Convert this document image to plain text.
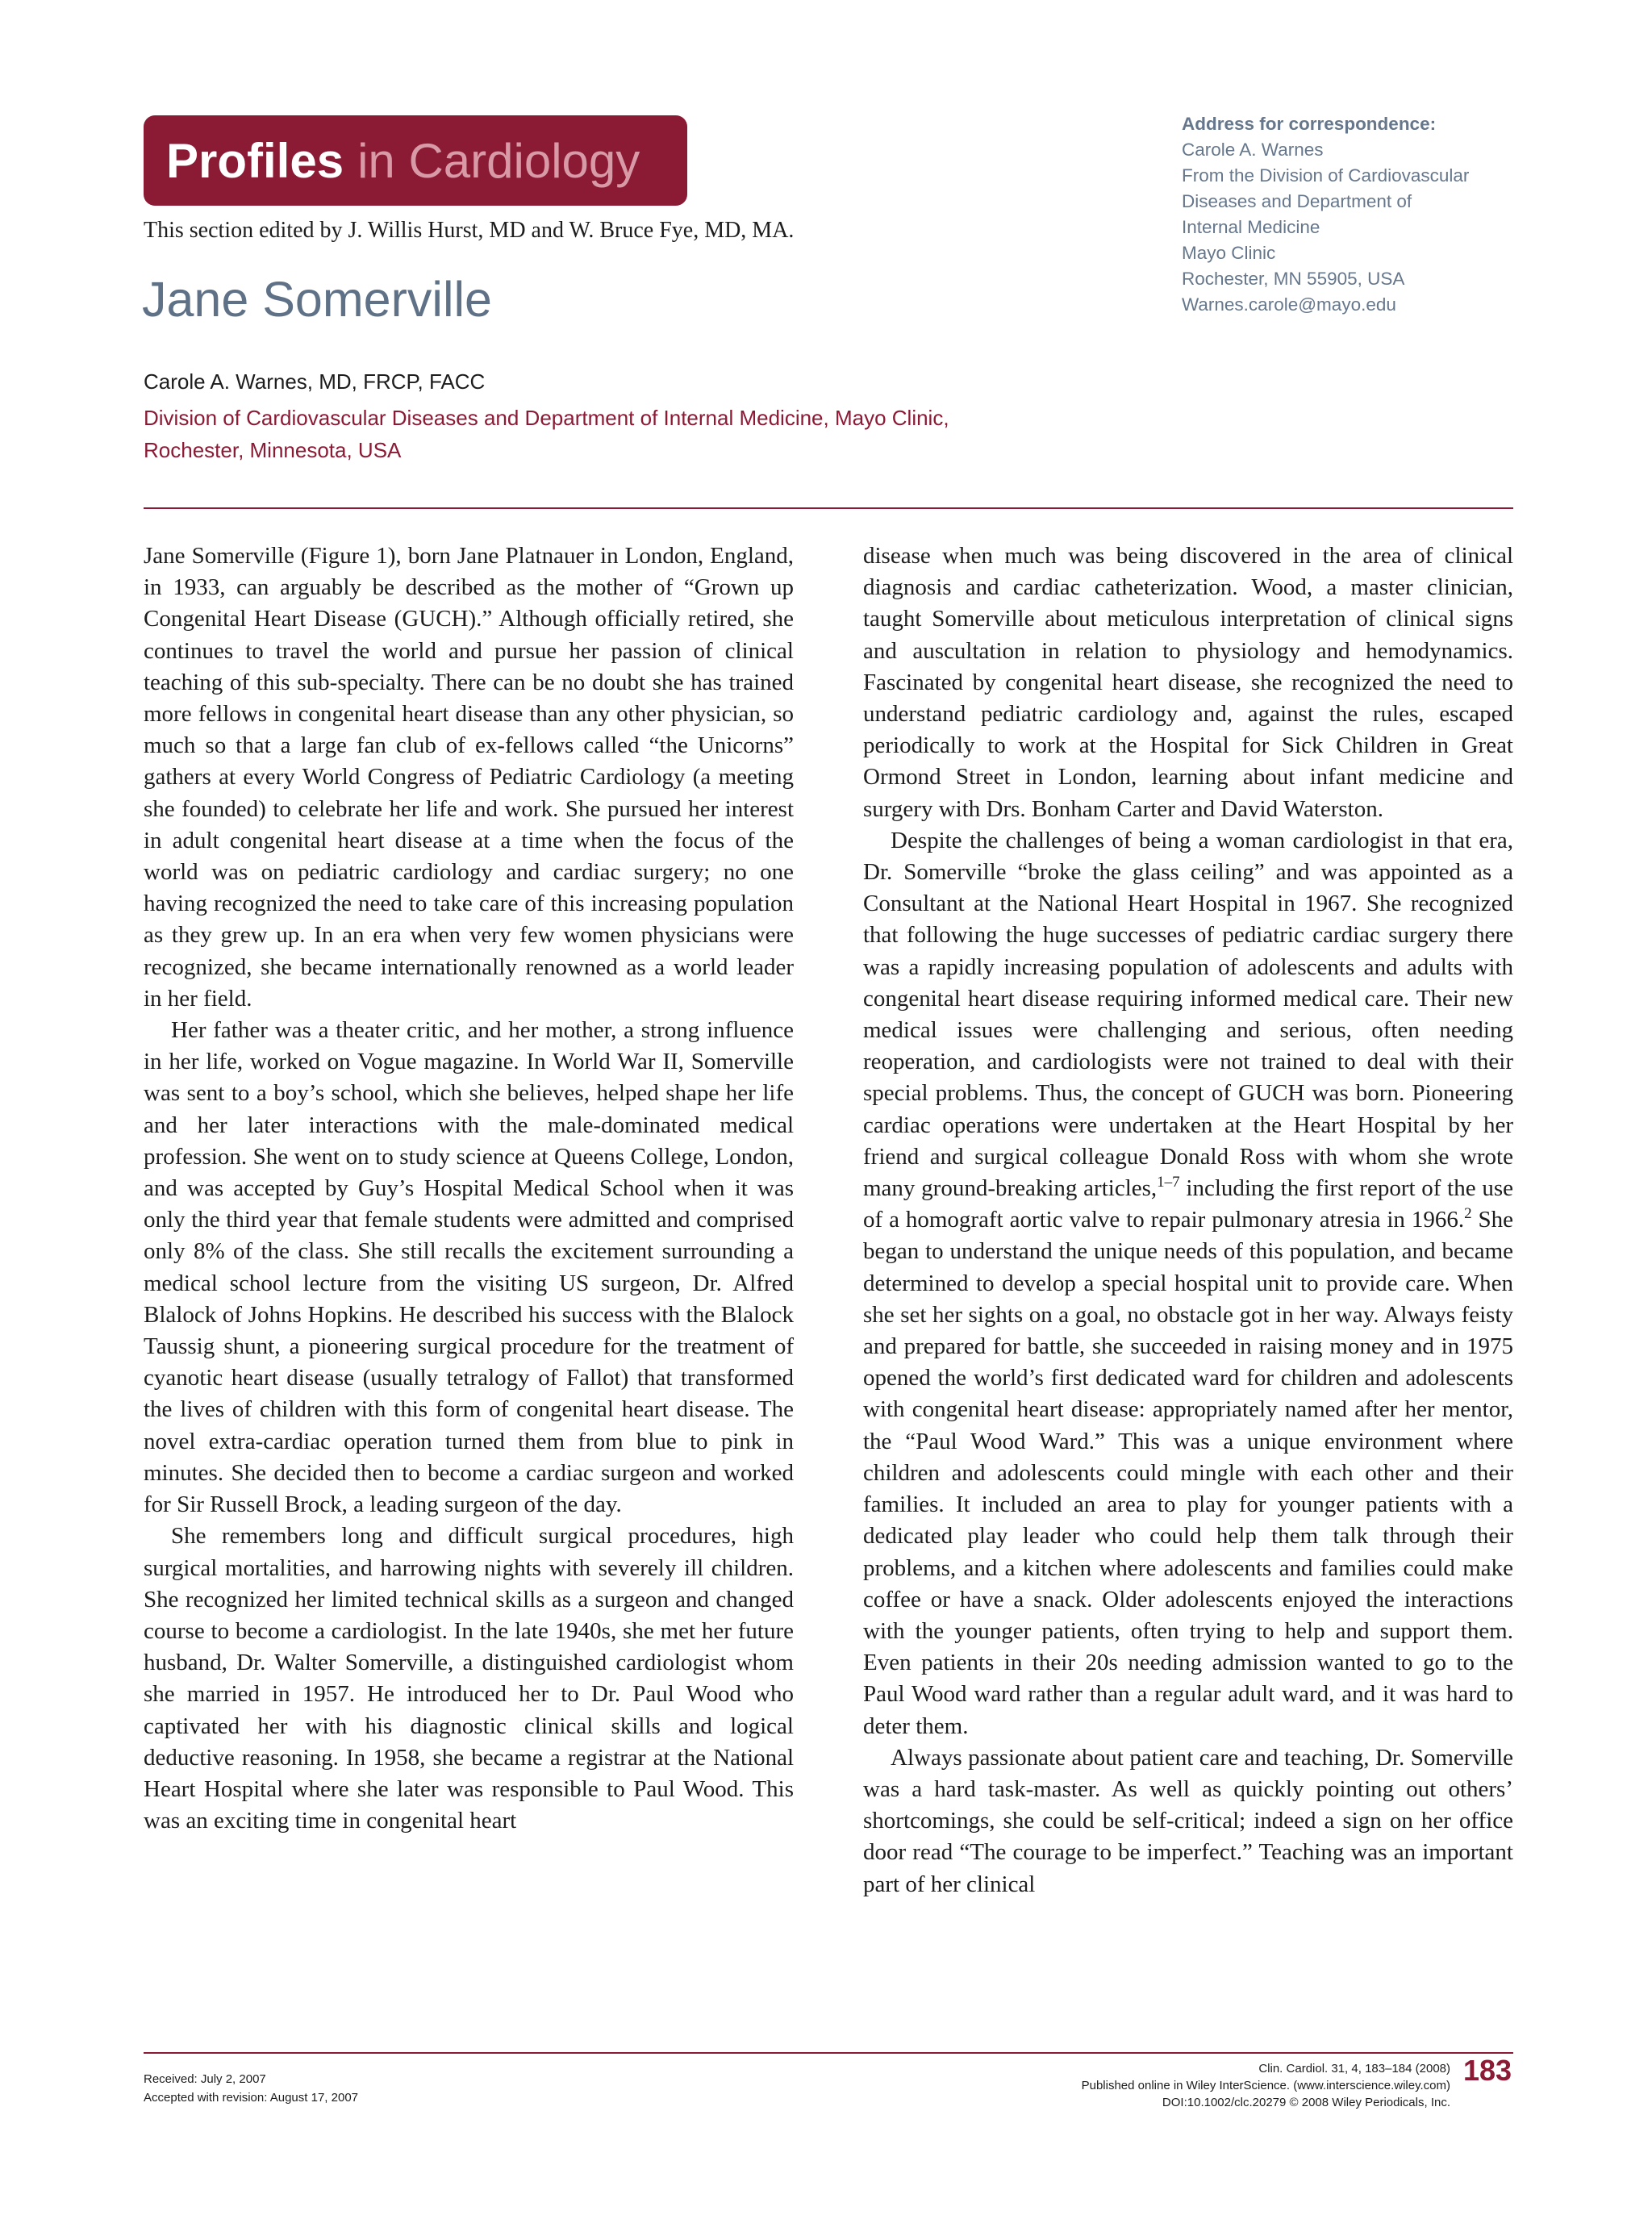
Profiles in Cardiology
This section edited by J. Willis Hurst, MD and W. Bruce Fye, MD, MA.
Jane Somerville
Carole A. Warnes, MD, FRCP, FACC
Division of Cardiovascular Diseases and Department of Internal Medicine, Mayo Clinic,
Rochester, Minnesota, USA
Address for correspondence:
Carole A. Warnes
From the Division of Cardiovascular
Diseases and Department of
Internal Medicine
Mayo Clinic
Rochester, MN 55905, USA
Warnes.carole@mayo.edu

Jane Somerville (Figure 1), born Jane Platnauer in London, England, in 1933, can arguably be described as the mother of “Grown up Congenital Heart Disease (GUCH).” Although officially retired, she continues to travel the world and pursue her passion of clinical teaching of this sub-specialty. There can be no doubt she has trained more fellows in congenital heart disease than any other physician, so much so that a large fan club of ex-fellows called “the Unicorns” gathers at every World Congress of Pediatric Cardiology (a meeting she founded) to celebrate her life and work. She pursued her interest in adult congenital heart disease at a time when the focus of the world was on pediatric cardiology and cardiac surgery; no one having recognized the need to take care of this increasing population as they grew up. In an era when very few women physicians were recognized, she became internationally renowned as a world leader in her field.

Her father was a theater critic, and her mother, a strong influence in her life, worked on Vogue magazine. In World War II, Somerville was sent to a boy’s school, which she believes, helped shape her life and her later interactions with the male-dominated medical profession. She went on to study science at Queens College, London, and was accepted by Guy’s Hospital Medical School when it was only the third year that female students were admitted and comprised only 8% of the class. She still recalls the excitement surrounding a medical school lecture from the visiting US surgeon, Dr. Alfred Blalock of Johns Hopkins. He described his success with the Blalock Taussig shunt, a pioneering surgical procedure for the treatment of cyanotic heart disease (usually tetralogy of Fallot) that transformed the lives of children with this form of congenital heart disease. The novel extra-cardiac operation turned them from blue to pink in minutes. She decided then to become a cardiac surgeon and worked for Sir Russell Brock, a leading surgeon of the day.

She remembers long and difficult surgical procedures, high surgical mortalities, and harrowing nights with severely ill children. She recognized her limited technical skills as a surgeon and changed course to become a cardiologist. In the late 1940s, she met her future husband, Dr. Walter Somerville, a distinguished cardiologist whom she married in 1957. He introduced her to Dr. Paul Wood who captivated her with his diagnostic clinical skills and logical deductive reasoning. In 1958, she became a registrar at the National Heart Hospital where she later was responsible to Paul Wood. This was an exciting time in congenital heart

disease when much was being discovered in the area of clinical diagnosis and cardiac catheterization. Wood, a master clinician, taught Somerville about meticulous interpretation of clinical signs and auscultation in relation to physiology and hemodynamics. Fascinated by congenital heart disease, she recognized the need to understand pediatric cardiology and, against the rules, escaped periodically to work at the Hospital for Sick Children in Great Ormond Street in London, learning about infant medicine and surgery with Drs. Bonham Carter and David Waterston.

Despite the challenges of being a woman cardiologist in that era, Dr. Somerville “broke the glass ceiling” and was appointed as a Consultant at the National Heart Hospital in 1967. She recognized that following the huge successes of pediatric cardiac surgery there was a rapidly increasing population of adolescents and adults with congenital heart disease requiring informed medical care. Their new medical issues were challenging and serious, often needing reoperation, and cardiologists were not trained to deal with their special problems. Thus, the concept of GUCH was born. Pioneering cardiac operations were undertaken at the Heart Hospital by her friend and surgical colleague Donald Ross with whom she wrote many ground-breaking articles,$^{1-7}$ including the first report of the use of a homograft aortic valve to repair pulmonary atresia in 1966.$^2$ She began to understand the unique needs of this population, and became determined to develop a special hospital unit to provide care. When she set her sights on a goal, no obstacle got in her way. Always feisty and prepared for battle, she succeeded in raising money and in 1975 opened the world’s first dedicated ward for children and adolescents with congenital heart disease: appropriately named after her mentor, the “Paul Wood Ward.” This was a unique environment where children and adolescents could mingle with each other and their families. It included an area to play for younger patients with a dedicated play leader who could help them talk through their problems, and a kitchen where adolescents and families could make coffee or have a snack. Older adolescents enjoyed the interactions with the younger patients, often trying to help and support them. Even patients in their 20s needing admission wanted to go to the Paul Wood ward rather than a regular adult ward, and it was hard to deter them.

Always passionate about patient care and teaching, Dr. Somerville was a hard task-master. As well as quickly pointing out others’ shortcomings, she could be self-critical; indeed a sign on her office door read “The courage to be imperfect.” Teaching was an important part of her clinical

Received: July 2, 2007
Accepted with revision: August 17, 2007
Clin. Cardiol. 31, 4, 183–184 (2008)
Published online in Wiley InterScience. (www.interscience.wiley.com)
DOI:10.1002/clc.20279 © 2008 Wiley Periodicals, Inc.
183
